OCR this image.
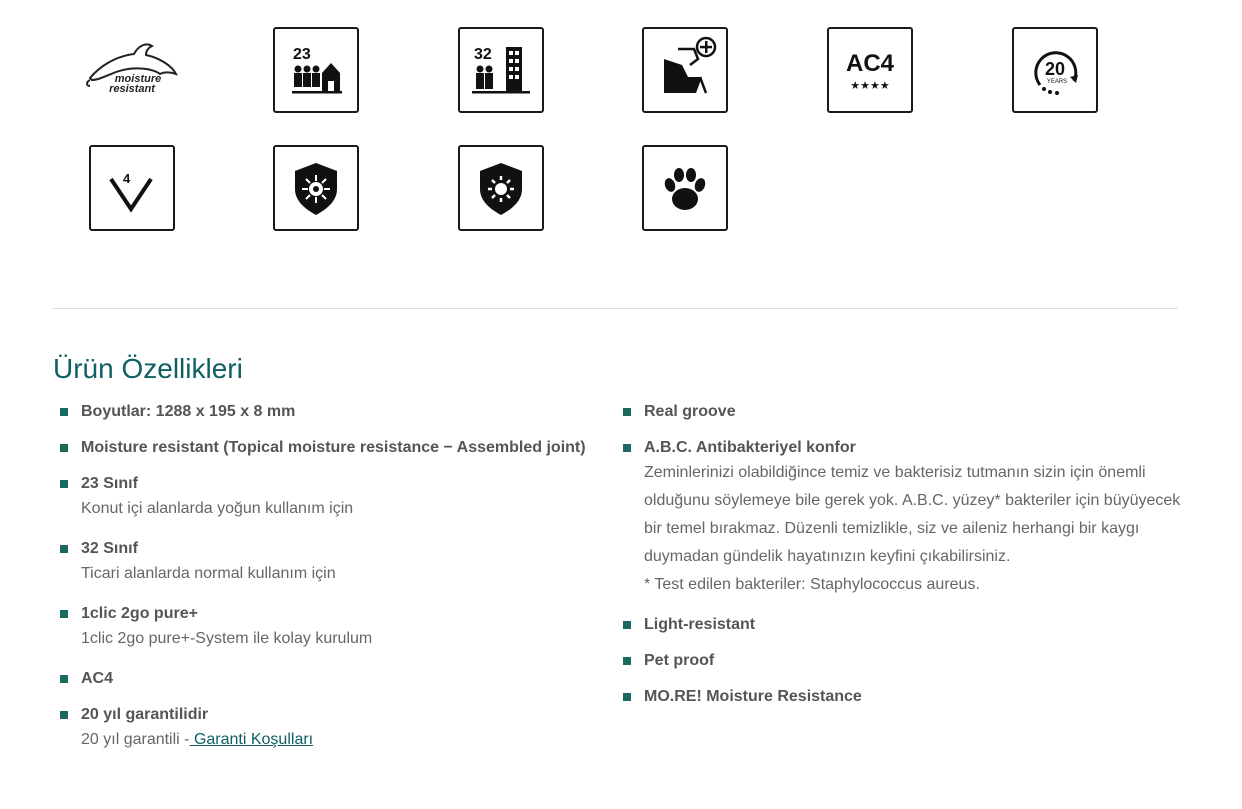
moisture
resistant
23	32	AC4
★★★★
20
YEARS
4
Ürün Özellikleri
Boyutlar: 1288 x 195 x 8 mm
Moisture resistant (Topical moisture resistance − Assembled joint)
23 Sınıf
Konut içi alanlarda yoğun kullanım için
32 Sınıf
Ticari alanlarda normal kullanım için
1clic 2go pure+
1clic 2go pure+-System ile kolay kurulum
AC4
20 yıl garantilidir
20 yıl garantili - Garanti Koşulları
Real groove
A.B.C. Antibakteriyel konfor
Zeminlerinizi olabildiğince temiz ve bakterisiz tutmanın sizin için önemli olduğunu söylemeye bile gerek yok. A.B.C. yüzey* bakteriler için büyüyecek bir temel bırakmaz. Düzenli temizlikle, siz ve aileniz herhangi bir kaygı duymadan gündelik hayatınızın keyfini çıkabilirsiniz.
* Test edilen bakteriler: Staphylococcus aureus.
Light-resistant
Pet proof
MO.RE! Moisture Resistance
